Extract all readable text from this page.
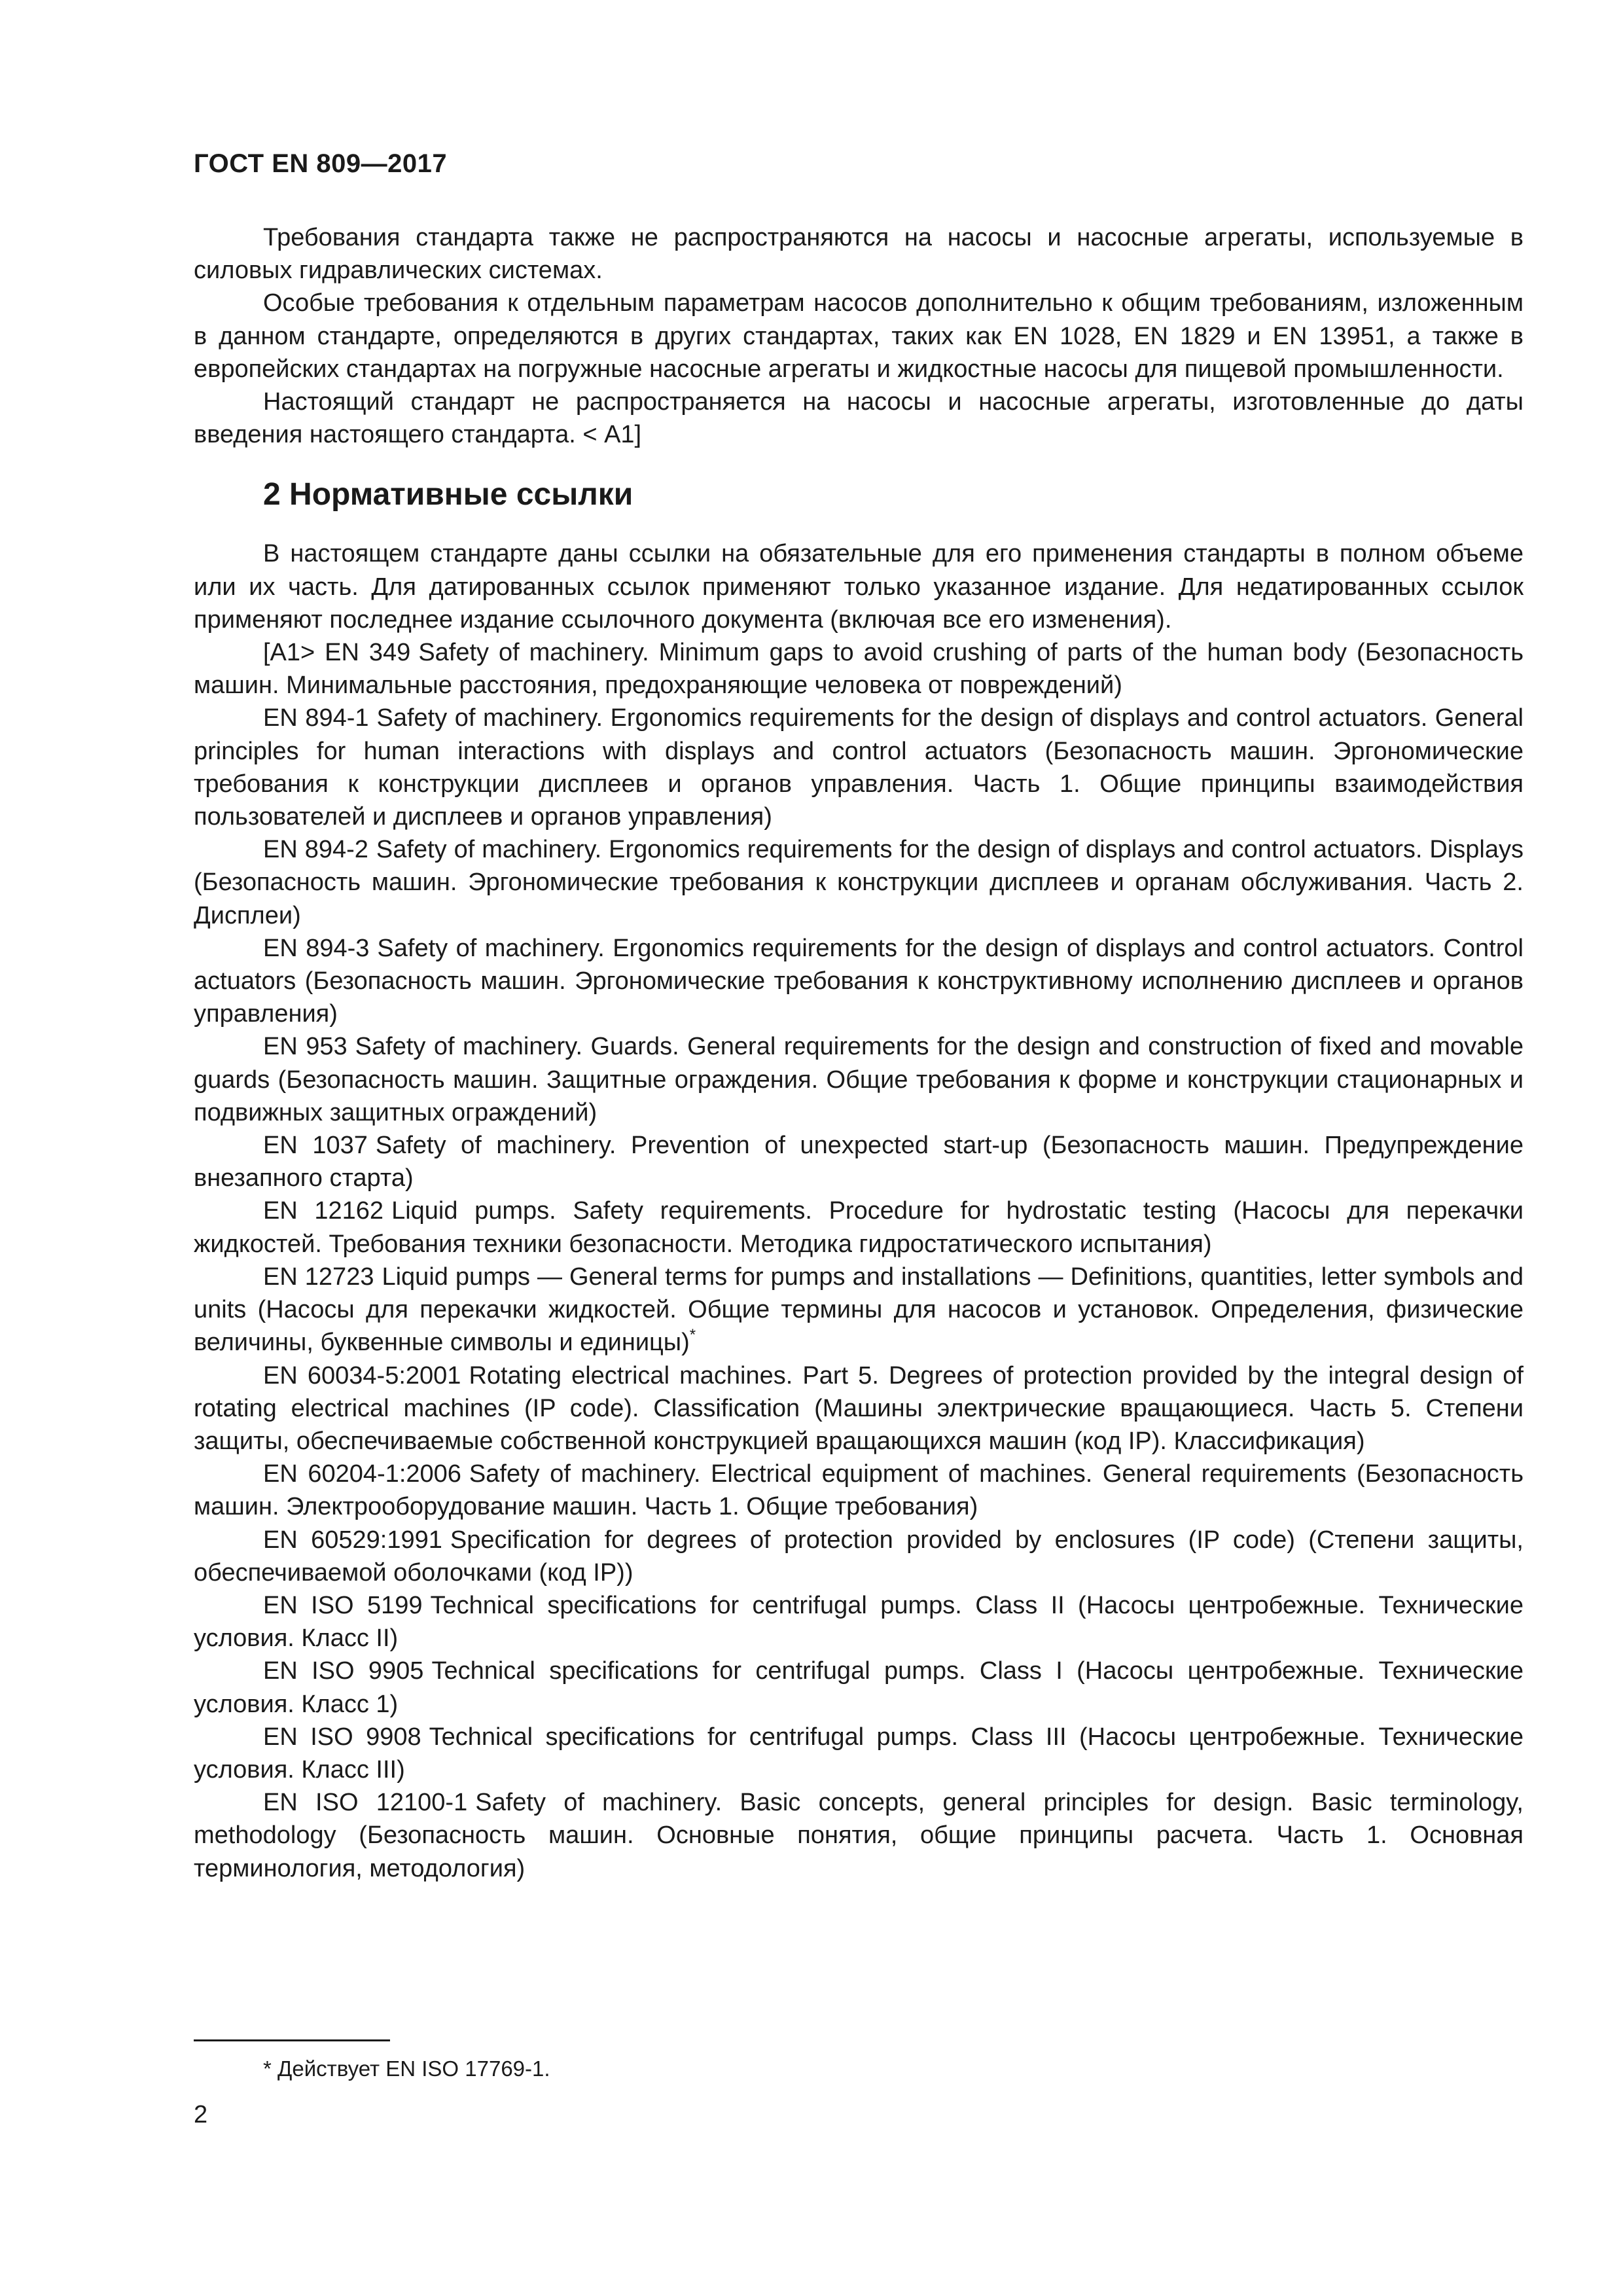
ГОСТ EN 809—2017

Требования стандарта также не распространяются на насосы и насосные агрегаты, используемые в силовых гидравлических системах.

Особые требования к отдельным параметрам насосов дополнительно к общим требованиям, изложенным в данном стандарте, определяются в других стандартах, таких как EN 1028, EN 1829 и EN 13951, а также в европейских стандартах на погружные насосные агрегаты и жидкостные насосы для пищевой промышленности.

Настоящий стандарт не распространяется на насосы и насосные агрегаты, изготовленные до даты введения настоящего стандарта. < A1]

2 Нормативные ссылки

В настоящем стандарте даны ссылки на обязательные для его применения стандарты в полном объеме или их часть. Для датированных ссылок применяют только указанное издание. Для недатированных ссылок применяют последнее издание ссылочного документа (включая все его изменения).

[A1> EN 349 Safety of machinery. Minimum gaps to avoid crushing of parts of the human body (Безопасность машин. Минимальные расстояния, предохраняющие человека от повреждений)

EN 894-1 Safety of machinery. Ergonomics requirements for the design of displays and control actuators. General principles for human interactions with displays and control actuators (Безопасность машин. Эргономические требования к конструкции дисплеев и органов управления. Часть 1. Общие принципы взаимодействия пользователей и дисплеев и органов управления)

EN 894-2 Safety of machinery. Ergonomics requirements for the design of displays and control actuators. Displays (Безопасность машин. Эргономические требования к конструкции дисплеев и органам обслуживания. Часть 2. Дисплеи)

EN 894-3 Safety of machinery. Ergonomics requirements for the design of displays and control actuators. Control actuators (Безопасность машин. Эргономические требования к конструктивному исполнению дисплеев и органов управления)

EN 953 Safety of machinery. Guards. General requirements for the design and construction of fixed and movable guards (Безопасность машин. Защитные ограждения. Общие требования к форме и конструкции стационарных и подвижных защитных ограждений)

EN 1037 Safety of machinery. Prevention of unexpected start-up (Безопасность машин. Предупреждение внезапного старта)

EN 12162 Liquid pumps. Safety requirements. Procedure for hydrostatic testing (Насосы для перекачки жидкостей. Требования техники безопасности. Методика гидростатического испытания)

EN 12723 Liquid pumps — General terms for pumps and installations — Definitions, quantities, letter symbols and units (Насосы для перекачки жидкостей. Общие термины для насосов и установок. Определения, физические величины, буквенные символы и единицы)*

EN 60034-5:2001 Rotating electrical machines. Part 5. Degrees of protection provided by the integral design of rotating electrical machines (IP code). Classification (Машины электрические вращающиеся. Часть 5. Степени защиты, обеспечиваемые собственной конструкцией вращающихся машин (код IP). Классификация)

EN 60204-1:2006 Safety of machinery. Electrical equipment of machines. General requirements (Безопасность машин. Электрооборудование машин. Часть 1. Общие требования)

EN 60529:1991 Specification for degrees of protection provided by enclosures (IP code) (Степени защиты, обеспечиваемой оболочками (код IP))

EN ISO 5199 Technical specifications for centrifugal pumps. Class II (Насосы центробежные. Технические условия. Класс II)

EN ISO 9905 Technical specifications for centrifugal pumps. Class I (Насосы центробежные. Технические условия. Класс 1)

EN ISO 9908 Technical specifications for centrifugal pumps. Class III (Насосы центробежные. Технические условия. Класс III)

EN ISO 12100-1 Safety of machinery. Basic concepts, general principles for design. Basic terminology, methodology (Безопасность машин. Основные понятия, общие принципы расчета. Часть 1. Основная терминология, методология)

* Действует EN ISO 17769-1.
2
